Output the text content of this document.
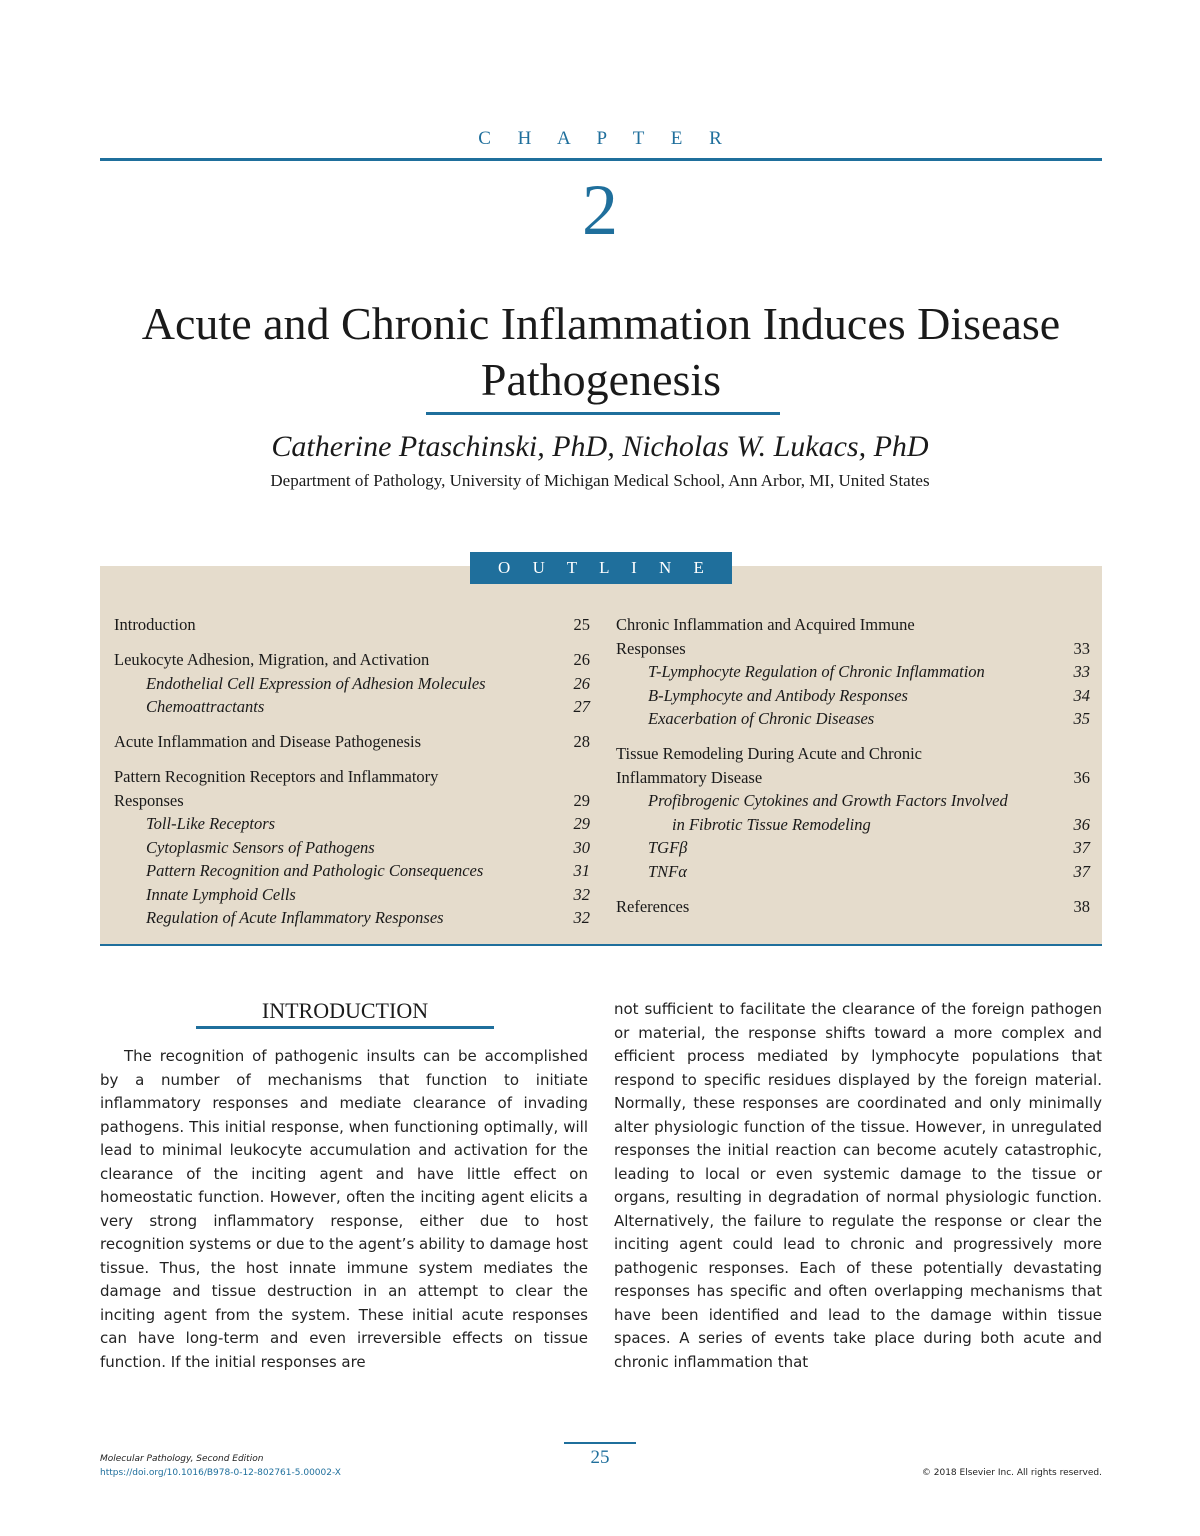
C H A P T E R
2
Acute and Chronic Inflammation Induces Disease Pathogenesis
Catherine Ptaschinski, PhD, Nicholas W. Lukacs, PhD
Department of Pathology, University of Michigan Medical School, Ann Arbor, MI, United States
O U T L I N E
Introduction	25
Leukocyte Adhesion, Migration, and Activation	26
Endothelial Cell Expression of Adhesion Molecules	26
Chemoattractants	27
Acute Inflammation and Disease Pathogenesis	28
Pattern Recognition Receptors and Inflammatory
Responses	29
Toll-Like Receptors	29
Cytoplasmic Sensors of Pathogens	30
Pattern Recognition and Pathologic Consequences	31
Innate Lymphoid Cells	32
Regulation of Acute Inflammatory Responses	32
Chronic Inflammation and Acquired Immune
Responses	33
T-Lymphocyte Regulation of Chronic Inflammation	33
B-Lymphocyte and Antibody Responses	34
Exacerbation of Chronic Diseases	35
Tissue Remodeling During Acute and Chronic
Inflammatory Disease	36
Profibrogenic Cytokines and Growth Factors Involved
in Fibrotic Tissue Remodeling	36
TGFβ	37
TNFα	37
References	38
INTRODUCTION

The recognition of pathogenic insults can be accomplished by a number of mechanisms that function to initiate inflammatory responses and mediate clearance of invading pathogens. This initial response, when functioning optimally, will lead to minimal leukocyte accumulation and activation for the clearance of the inciting agent and have little effect on homeostatic function. However, often the inciting agent elicits a very strong inflammatory response, either due to host recognition systems or due to the agent’s ability to damage host tissue. Thus, the host innate immune system mediates the damage and tissue destruction in an attempt to clear the inciting agent from the system. These initial acute responses can have long-term and even irreversible effects on tissue function. If the initial responses are

not sufficient to facilitate the clearance of the foreign pathogen or material, the response shifts toward a more complex and efficient process mediated by lymphocyte populations that respond to specific residues displayed by the foreign material. Normally, these responses are coordinated and only minimally alter physiologic function of the tissue. However, in unregulated responses the initial reaction can become acutely catastrophic, leading to local or even systemic damage to the tissue or organs, resulting in degradation of normal physiologic function. Alternatively, the failure to regulate the response or clear the inciting agent could lead to chronic and progressively more pathogenic responses. Each of these potentially devastating responses has specific and often overlapping mechanisms that have been identified and lead to the damage within tissue spaces. A series of events take place during both acute and chronic inflammation that

Molecular Pathology, Second Edition
https://doi.org/10.1016/B978-0-12-802761-5.00002-X
25
© 2018 Elsevier Inc. All rights reserved.
